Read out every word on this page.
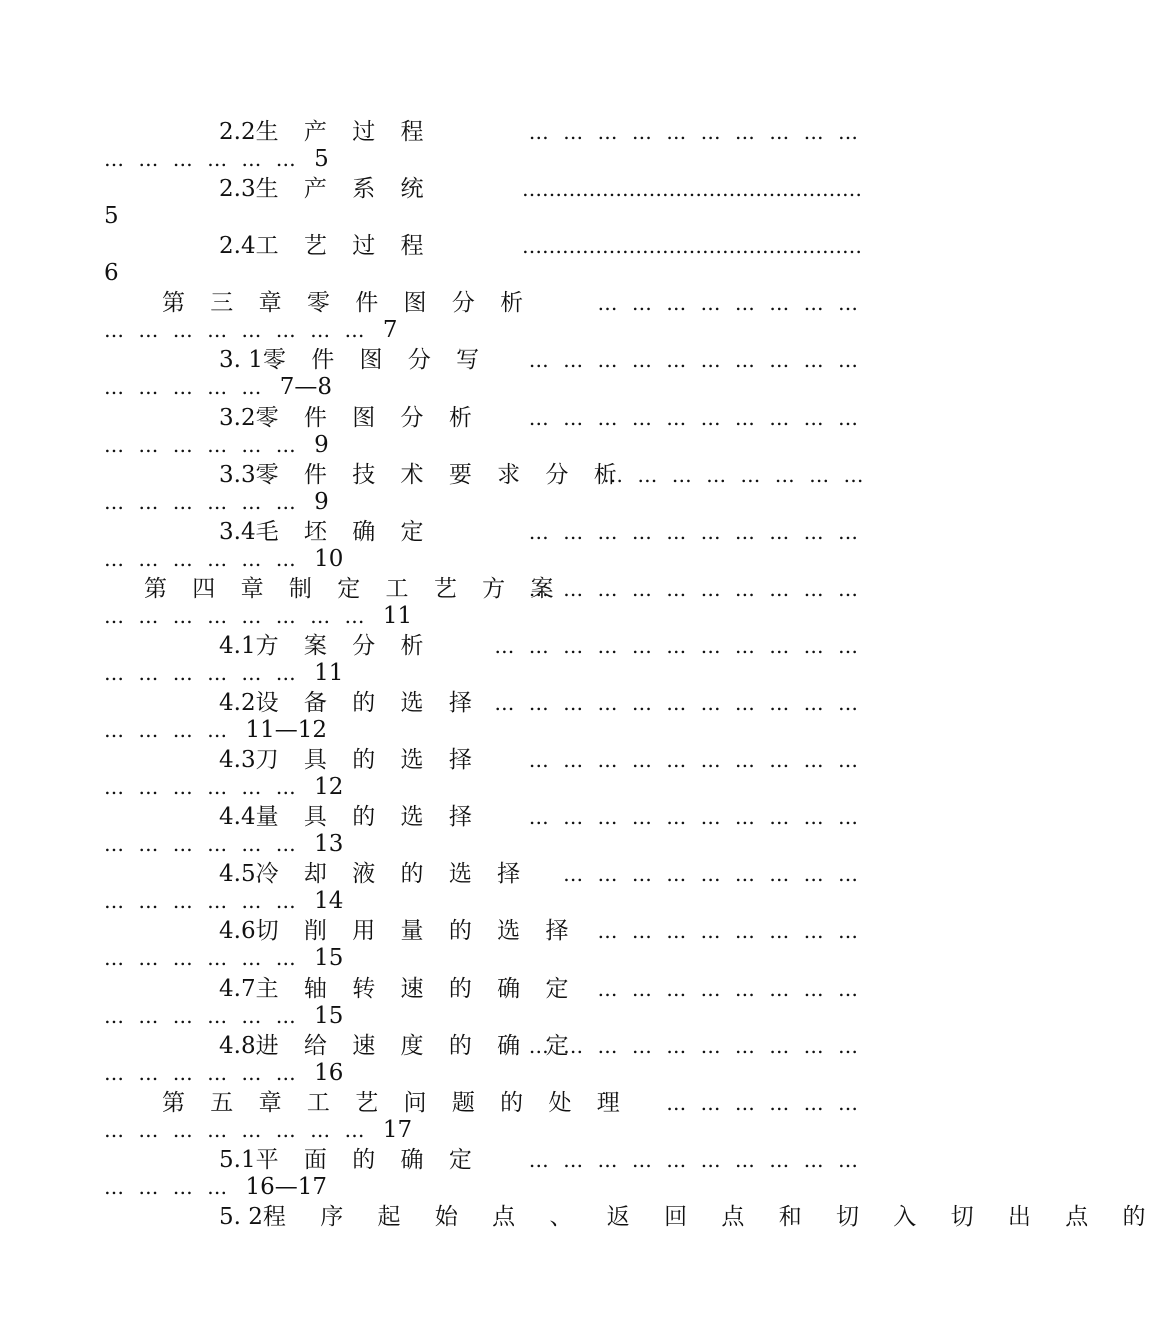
2.2生 产 过 程	… … … … … … … … … …
… … … … … … 5
2.3生 产 系 统	……………………………………………
5
2.4工 艺 过 程	……………………………………………
6
第 三 章 零 件 图 分 析	… … … … … … … …
… … … … … … … … 7
3. 1零 件 图 分 写	… … … … … … … … … …
… … … … … 7—8
3.2零 件 图 分 析	… … … … … … … … … …
… … … … … … 9
3.3零 件 技 术 要 求 分 析
… … … … … … … …
… … … … … … 9
3.4毛 坯 确 定	… … … … … … … … … …
… … … … … … 10
第 四 章 制 定 工 艺 方 案
… … … … … … … … … …
… … … … … … … … 11
4.1方 案 分 析	… … … … … … … … … … …
… … … … … … 11
4.2设 备 的 选 择 … … … … … … … … … … …
… … … … 11—12
4.3刀 具 的 选 择	… … … … … … … … … …
… … … … … … 12
4.4量 具 的 选 择	… … … … … … … … … …
… … … … … … 13
4.5冷 却 液 的 选 择	… … … … … … … … …
… … … … … … 14
4.6切 削 用 量 的 选 择	… … … … … … … …
… … … … … … 15
4.7主 轴 转 速 的 确 定	… … … … … … … …
… … … … … … 15
4.8进 给 速 度 的 确 定
… … … … … … … … … …
… … … … … … 16
第 五 章 工 艺 问 题 的 处 理	… … … … … …
… … … … … … … … 17
5.1平 面 的 确 定	… … … … … … … … … …
… … … … 16—17
5. 2程 序 起 始 点 、 返 回 点 和 切 入 切 出 点 的
